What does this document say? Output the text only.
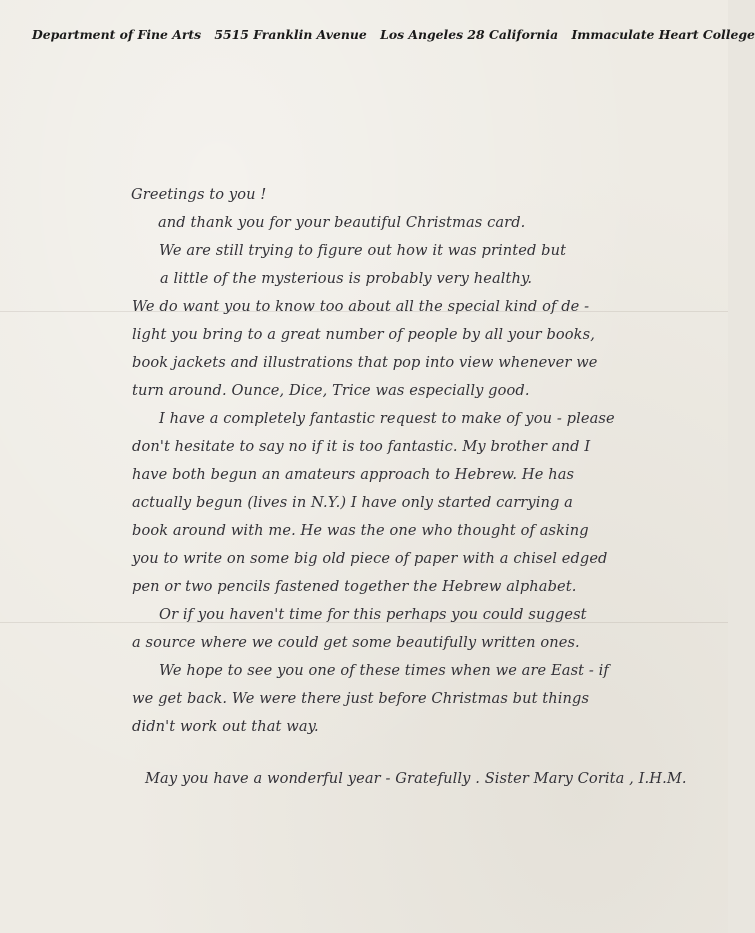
Department of Fine Arts 5515 Franklin Avenue Los Angeles 28 California Immaculate Heart College
Greetings to you !
and thank you for your beautiful Christmas card.
We are still trying to figure out how it was printed but
a little of the mysterious is probably very healthy.
We do want you to know too about all the special kind of de -
light you bring to a great number of people by all your books,
book jackets and illustrations that pop into view whenever we
turn around. Ounce, Dice, Trice was especially good.
I have a completely fantastic request to make of you - please
don't hesitate to say no if it is too fantastic. My brother and I
have both begun an amateurs approach to Hebrew. He has
actually begun (lives in N.Y.) I have only started carrying a
book around with me. He was the one who thought of asking
you to write on some big old piece of paper with a chisel edged
pen or two pencils fastened together the Hebrew alphabet.
Or if you haven't time for this perhaps you could suggest
a source where we could get some beautifully written ones.
We hope to see you one of these times when we are East - if
we get back. We were there just before Christmas but things
didn't work out that way.
May you have a wonderful year - Gratefully . Sister Mary Corita , I.H.M.
